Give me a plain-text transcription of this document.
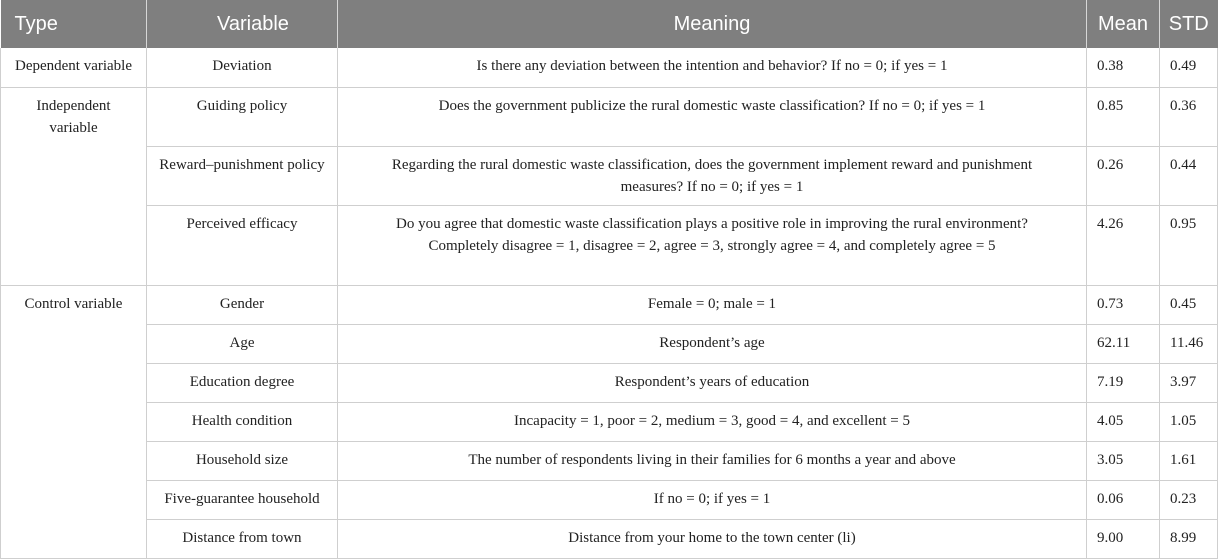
Type	Variable	Meaning	Mean	STD
Dependent variable	Deviation	Is there any deviation between the intention and behavior? If no = 0; if yes = 1	0.38	0.49
Independent variable	Guiding policy	Does the government publicize the rural domestic waste classification? If no = 0; if yes = 1	0.85	0.36
	Reward–punishment policy	Regarding the rural domestic waste classification, does the government implement reward and punishment measures? If no = 0; if yes = 1	0.26	0.44
	Perceived efficacy	Do you agree that domestic waste classification plays a positive role in improving the rural environment? Completely disagree = 1, disagree = 2, agree = 3, strongly agree = 4, and completely agree = 5	4.26	0.95
Control variable	Gender	Female = 0; male = 1	0.73	0.45
	Age	Respondent’s age	62.11	11.46
	Education degree	Respondent’s years of education	7.19	3.97
	Health condition	Incapacity = 1, poor = 2, medium = 3, good = 4, and excellent = 5	4.05	1.05
	Household size	The number of respondents living in their families for 6 months a year and above	3.05	1.61
	Five-guarantee household	If no = 0; if yes = 1	0.06	0.23
	Distance from town	Distance from your home to the town center (li)	9.00	8.99
